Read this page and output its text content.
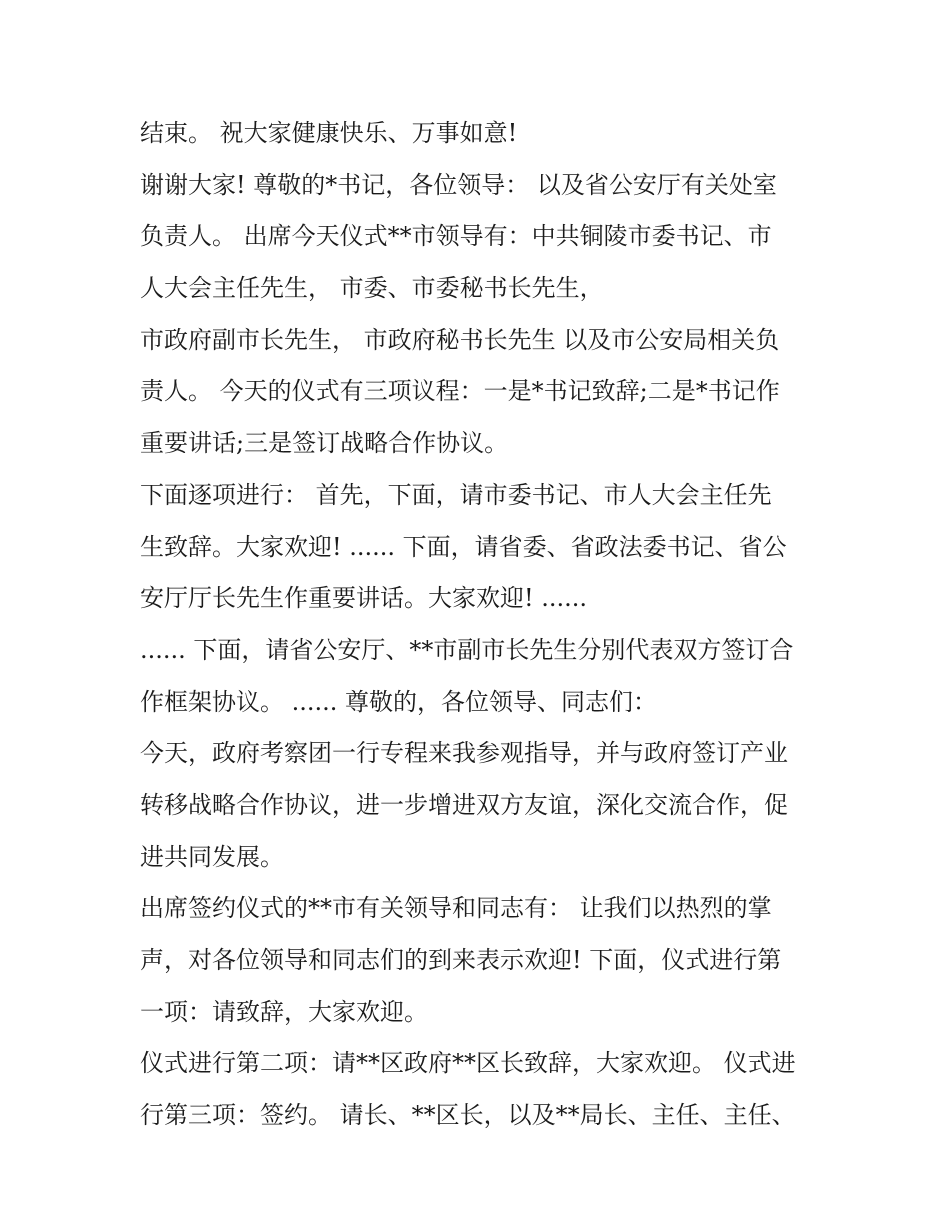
结束。 祝大家健康快乐、万事如意!
谢谢大家! 尊敬的*书记，各位领导： 以及省公安厅有关处室
负责人。 出席今天仪式**市领导有：中共铜陵市委书记、市
人大会主任先生， 市委、市委秘书长先生，
市政府副市长先生， 市政府秘书长先生 以及市公安局相关负
责人。 今天的仪式有三项议程：一是*书记致辞;二是*书记作
重要讲话;三是签订战略合作协议。
下面逐项进行： 首先，下面，请市委书记、市人大会主任先
生致辞。大家欢迎! ...... 下面，请省委、省政法委书记、省公
安厅厅长先生作重要讲话。大家欢迎! ......
...... 下面，请省公安厅、**市副市长先生分别代表双方签订合
作框架协议。 ...... 尊敬的，各位领导、同志们：
今天，政府考察团一行专程来我参观指导，并与政府签订产业
转移战略合作协议，进一步增进双方友谊，深化交流合作，促
进共同发展。
出席签约仪式的**市有关领导和同志有： 让我们以热烈的掌
声，对各位领导和同志们的到来表示欢迎! 下面，仪式进行第
一项：请致辞，大家欢迎。
仪式进行第二项：请**区政府**区长致辞，大家欢迎。 仪式进
行第三项：签约。 请长、**区长，以及**局长、主任、主任、
